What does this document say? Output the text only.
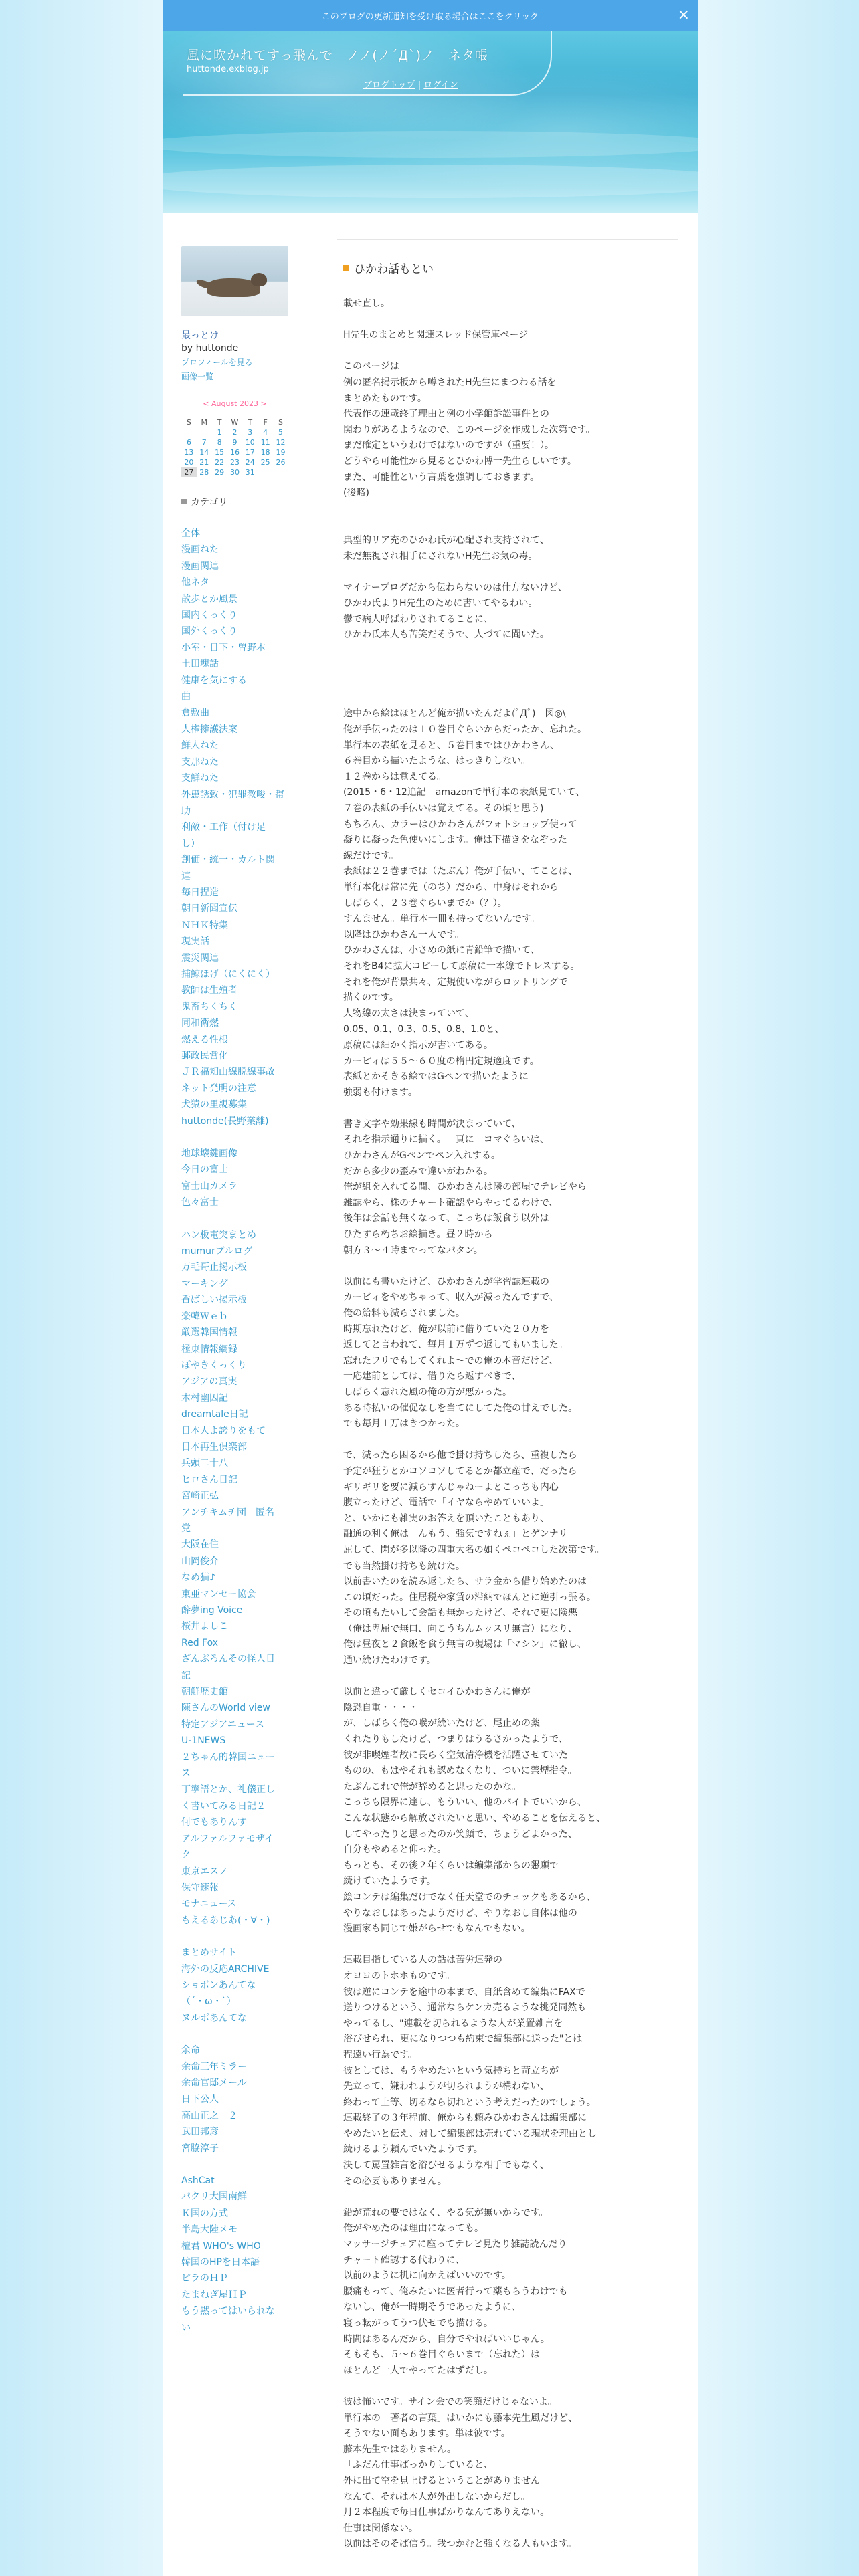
このブログの更新通知を受け取る場合はここをクリック	×
風に吹かれてすっ飛んで　ノノ(ノ´Д`)ノ　ネタ帳
huttonde.exblog.jp
ブログトップ | ログイン
最っとけ
by huttonde
プロフィールを見る
画像一覧
< August 2023 >
S	M	T	W	T	F	S
		1	2	3	4	5
6	7	8	9	10	11	12
13	14	15	16	17	18	19
20	21	22	23	24	25	26
27	28	29	30	31		
カテゴリ
全体
漫画ねた
漫画関連
他ネタ
散歩とか風景
国内くっくり
国外くっくり
小室・日下・曽野本
土田塊話
健康を気にする
曲
倉敷曲
人権擁護法案
鮮人ねた
支那ねた
支鮮ねた
外患誘致・犯罪教唆・幇
助
利敵・工作（付け足
し）
創価・統一・カルト関
連
毎日捏造
朝日新聞宣伝
ＮＨＫ特集
現実話
震災関連
捕鯨ほげ（にくにく）
教師は生殖者
鬼畜ちくちく
同和衛燃
燃える性根
郵政民営化
ＪＲ福知山線脱線事故
ネット発明の注意
犬猿の里親募集
huttonde(長野業離)
地球壊鍵画像
今日の富士
富士山カメラ
色々富士
ハン板電突まとめ
mumurブルログ
万毛哥止掲示板
マーキング
香ばしい掲示板
楽韓Ｗｅｂ
厳選韓国情報
極東情報網録
ぼやきくっくり
アジアの真実
木村幽囚記
dreamtale日記
日本人よ誇りをもて
日本再生倶楽部
兵頭二十八
ヒロさん日記
宮崎正弘
アンチキムチ団　匿名
党
大阪在住
山岡俊介
なめ猫♪
東亜マンセー協会
酔夢ing Voice
桜井よしこ
Red Fox
ざんぶろんその怪人日
記
朝鮮歴史館
陳さんのWorld view
特定アジアニュース
U-1NEWS
２ちゃん的韓国ニュー
ス
丁寧語とか、礼儀正し
く書いてみる日記２
何でもありんす
アルファルファモザイ
ク
東京エスノ
保守速報
モナニュース
もえるあじあ(・∀・)
まとめサイト
海外の反応ARCHIVE
ショボンあんてな
（´・ω・`）
ヌルポあんてな
余命
余命三年ミラー
余命官邸メール
日下公人
高山正之　２
武田邦彦
宮脇淳子
AshCat
パクリ大国南鮮
Ｋ国の方式
半島大陸メモ
檀君 WHO's WHO
韓国のHPを日本語
ピラのＨＰ
たまねぎ屋ＨＰ
もう黙ってはいられな
い
ひかわ話もとい
載せ直し。
H先生のまとめと関連スレッド保管庫ページ
このページは
例の匿名掲示板から噂されたH先生にまつわる話を
まとめたものです。
代表作の連載終了理由と例の小学館訴訟事件との
関わりがあるようなので、このページを作成した次第です。
まだ確定というわけではないのですが（重要！）。
どうやら可能性から見るとひかわ博一先生らしいです。
また、可能性という言葉を強調しておきます。
(後略)
典型的リア充のひかわ氏が心配され支持されて、
未だ無視され相手にされないH先生お気の毒。
マイナーブログだから伝わらないのは仕方ないけど、
ひかわ氏よりH先生のために書いてやるわい。
鬱で病人呼ばわりされてることに、
ひかわ氏本人も苦笑だそうで、人づてに聞いた。
途中から絵はほとんど俺が描いたんだよ(ﾟДﾟ)　図◎\
俺が手伝ったのは１０巻目ぐらいからだったか、忘れた。
単行本の表紙を見ると、５巻目まではひかわさん、
６巻目から描いたような、はっきりしない。
１２巻からは覚えてる。
(2015・6・12追記　amazonで単行本の表紙見ていて、
７巻の表紙の手伝いは覚えてる。その頃と思う)
もちろん、カラーはひかわさんがフォトショップ使って
凝りに凝った色使いにします。俺は下描きをなぞった
線だけです。
表紙は２２巻までは（たぶん）俺が手伝い、てことは、
単行本化は常に先（のち）だから、中身はそれから
しばらく、２３巻ぐらいまでか（？）。
すんません。単行本一冊も持ってないんです。
以降はひかわさん一人です。
ひかわさんは、小さめの紙に青鉛筆で描いて、
それをB4に拡大コピーして原稿に一本線でトレスする。
それを俺が背景共々、定規使いながらロットリングで
描くのです。
人物線の太さは決まっていて、
0.05、0.1、0.3、0.5、0.8、1.0と、
原稿には細かく指示が書いてある。
カーピィは５５～６０度の楕円定規適度です。
表紙とかそきる絵ではGペンで描いたように
強弱も付けます。
書き文字や効果線も時間が決まっていて、
それを指示通りに描く。一頁に一コマぐらいは、
ひかわさんがGペンでペン入れする。
だから多少の歪みで違いがわかる。
俺が組を入れてる間、ひかわさんは隣の部屋でテレビやら
雑誌やら、株のチャート確認やらやってるわけで、
後年は会話も無くなって、こっちは飯食う以外は
ひたすら朽ちお絵描き。昼２時から
朝方３～４時までってなパタン。
以前にも書いたけど、ひかわさんが学習誌連載の
カービィをやめちゃって、収入が減ったんですで、
俺の給料も減らされました。
時期忘れたけど、俺が以前に借りていた２０万を
返してと言われて、毎月１万ずつ返してもいました。
忘れたフリでもしてくれよ～での俺の本音だけど、
一応建前としては、借りたら返すべきで、
しばらく忘れた風の俺の方が悪かった。
ある時払いの催促なしを当てにしてた俺の甘えでした。
でも毎月１万はきつかった。
で、減ったら困るから他で掛け持ちしたら、重複したら
予定が狂うとかコソコソしてるとか都立産で、だったら
ギリギリを要に減らすんじゃねーよとこっちも内心
腹立ったけど、電話で「イヤならやめていいよ」
と、いかにも雑実のお答えを頂いたこともあり、
融通の利く俺は「んもう、強気ですねぇ」とゲンナリ
屈して、閑が多以降の四重大名の如くペコペコした次第です。
でも当然掛け持ちも続けた。
以前書いたのを読み返したら、サラ金から借り始めたのは
この頃だった。住居税や家賃の滞納でほんとに逆引っ張る。
その頃もたいして会話も無かったけど、それで更に険悪
（俺は卑屈で無口、向こうちんムッスリ無言）になり、
俺は昼夜と２食飯を食う無言の現場は「マシン」に徹し、
通い続けたわけです。
以前と違って厳しくセコイひかわさんに俺が
陰恐自重・・・・
が、しばらく俺の喉が続いたけど、尾止めの薬
くれたりもしたけど、つまりはうるさかったようで、
彼が非喫煙者故に長らく空気清浄機を活躍させていた
ものの、もはやそれも認めなくなり、ついに禁煙指令。
たぶんこれで俺が辞めると思ったのかな。
こっちも限界に達し、もういい、他のバイトでいいから、
こんな状態から解放されたいと思い、やめることを伝えると、
してやったりと思ったのか笑顔で、ちょうどよかった、
自分もやめると仰った。
もっとも、その後２年くらいは編集部からの懇願で
続けていたようです。
絵コンテは編集だけでなく任天堂でのチェックもあるから、
やりなおしはあったようだけど、やりなおし自体は他の
漫画家も同じで嫌がらせでもなんでもない。
連載目指している人の話は苦労連発の
オヨヨのトホホものです。
彼は逆にコンテを途中の本まで、自紙含めて編集にFAXで
送りつけるという、通常ならケンカ売るような挑発同然も
やってるし、"連載を切られるような人が業置雑言を
浴びせられ、更になりつつも約束で編集部に送った"とは
程遠い行為です。
彼としては、もうやめたいという気持ちと苛立ちが
先立って、嫌われようが切られようが構わない、
終わって上等、切るなら切れという考えだったのでしょう。
連載終了の３年程前、俺からも頼みひかわさんは編集部に
やめたいと伝え、対して編集部は売れている現状を理由とし
続けるよう頼んでいたようです。
決して罵置雑言を浴びせるような相手でもなく、
その必要もありません。
鉛が荒れの要ではなく、やる気が無いからです。
俺がやめたのは理由になっても。
マッサージチェアに座ってテレビ見たり雑誌読んだり
チャート確認する代わりに、
以前のように机に向かえばいいのです。
腰痛もって、俺みたいに医者行って薬もらうわけでも
ないし、俺が一時期そうであったように、
寝っ転がってうつ伏せでも描ける。
時間はあるんだから、自分でやればいいじゃん。
そもそも、５～６巻目ぐらいまで（忘れた）は
ほとんど一人でやってたはずだし。
彼は怖いです。サイン会での笑顔だけじゃないよ。
単行本の「著者の言葉」はいかにも藤本先生風だけど、
そうでない面もあります。単は彼です。
藤本先生ではありません。
「ふだん仕事ばっかりしていると、
外に出て空を見上げるということがありません」
なんて、それは本人が外出しないからだし。
月２本程度で毎日仕事ばかりなんてありえない。
仕事は関係ない。
以前はそのそば信う。我つかむと強くなる人もいます。
